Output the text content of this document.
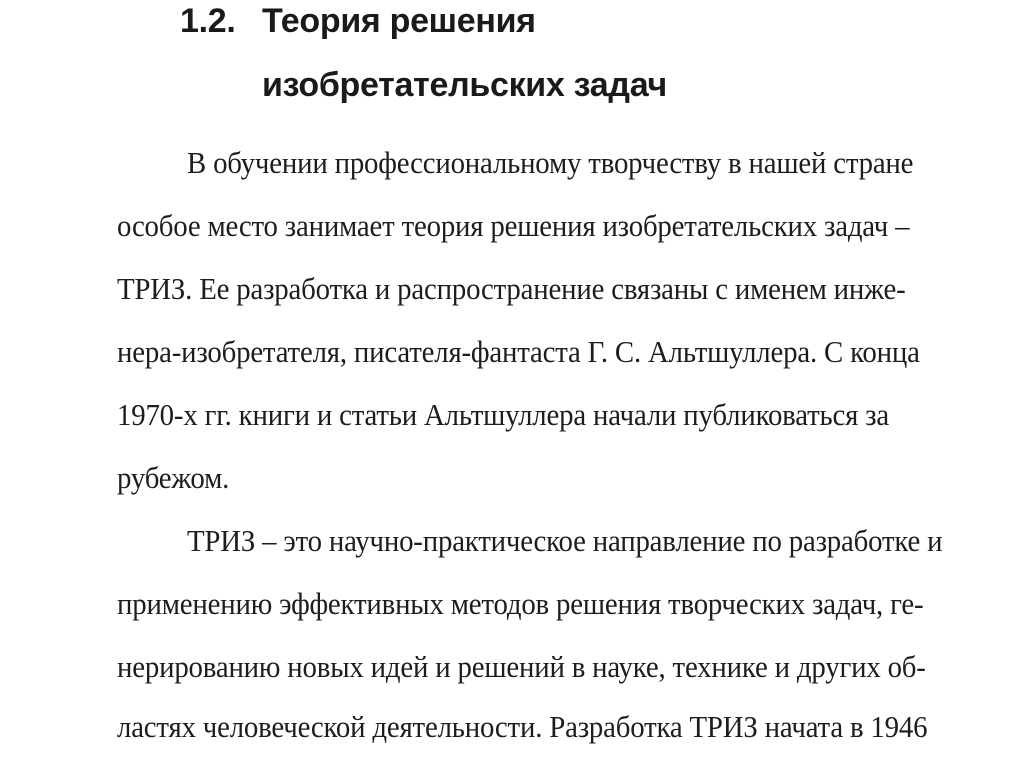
1.2. Теория решения
изобретательских задач
В обучении профессиональному творчеству в нашей стране
особое место занимает теория решения изобретательских задач –
ТРИЗ. Ее разработка и распространение связаны с именем инже-
нера-изобретателя, писателя-фантаста Г. С. Альтшуллера. С конца
1970-х гг. книги и статьи Альтшуллера начали публиковаться за
рубежом.
ТРИЗ – это научно-практическое направление по разработке и
применению эффективных методов решения творческих задач, ге-
нерированию новых идей и решений в науке, технике и других об-
ластях человеческой деятельности. Разработка ТРИЗ начата в 1946
